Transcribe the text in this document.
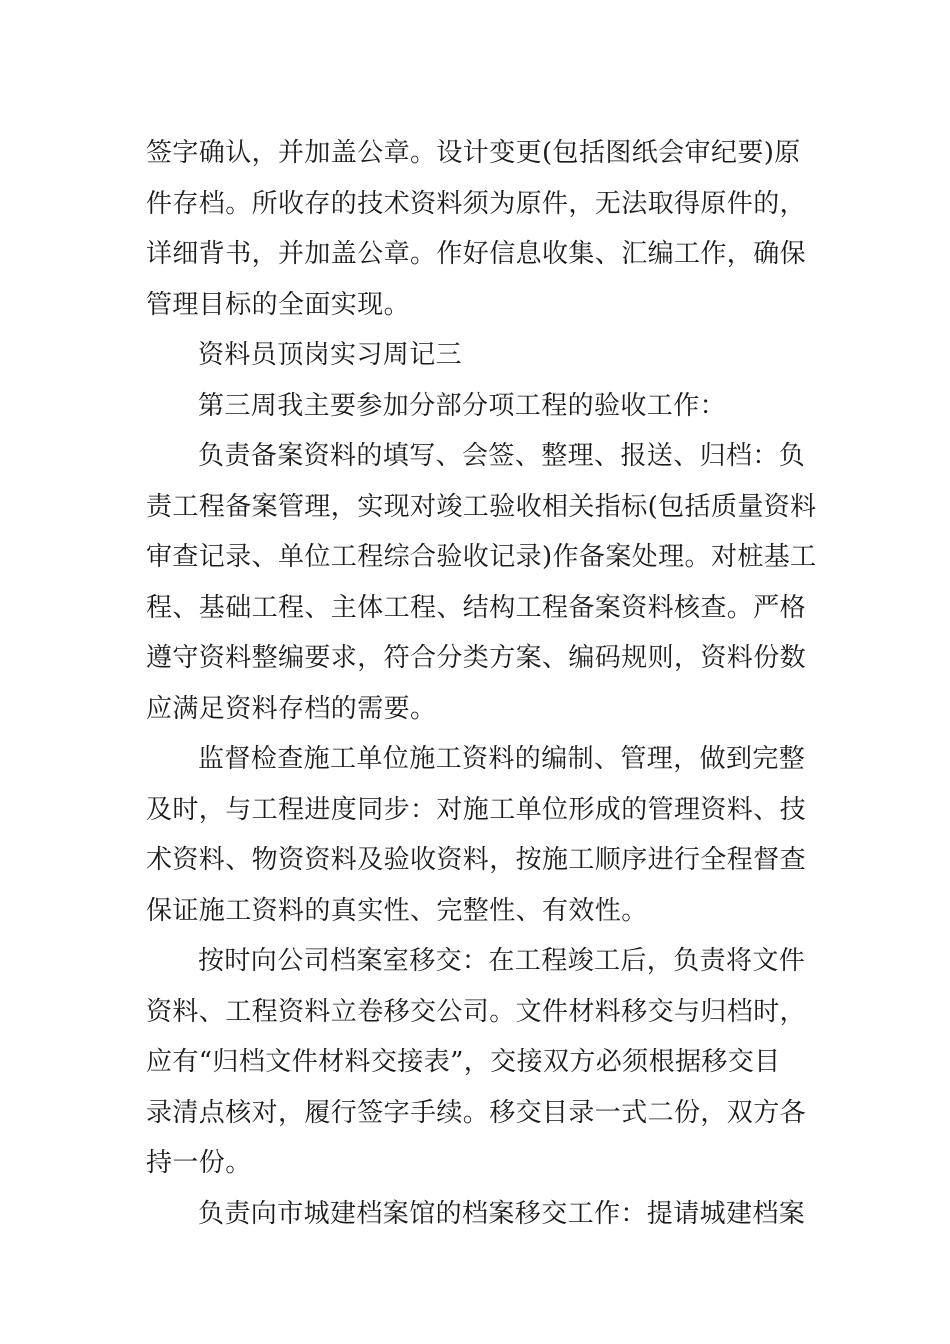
签字确认，并加盖公章。设计变更(包括图纸会审纪要)原
件存档。所收存的技术资料须为原件，无法取得原件的，
详细背书，并加盖公章。作好信息收集、汇编工作，确保
管理目标的全面实现。
资料员顶岗实习周记三
第三周我主要参加分部分项工程的验收工作：
负责备案资料的填写、会签、整理、报送、归档：负
责工程备案管理，实现对竣工验收相关指标(包括质量资料
审查记录、单位工程综合验收记录)作备案处理。对桩基工
程、基础工程、主体工程、结构工程备案资料核查。严格
遵守资料整编要求，符合分类方案、编码规则，资料份数
应满足资料存档的需要。
监督检查施工单位施工资料的编制、管理，做到完整
及时，与工程进度同步：对施工单位形成的管理资料、技
术资料、物资资料及验收资料，按施工顺序进行全程督查
保证施工资料的真实性、完整性、有效性。
按时向公司档案室移交：在工程竣工后，负责将文件
资料、工程资料立卷移交公司。文件材料移交与归档时，
应有“归档文件材料交接表”，交接双方必须根据移交目
录清点核对，履行签字手续。移交目录一式二份，双方各
持一份。
负责向市城建档案馆的档案移交工作：提请城建档案
